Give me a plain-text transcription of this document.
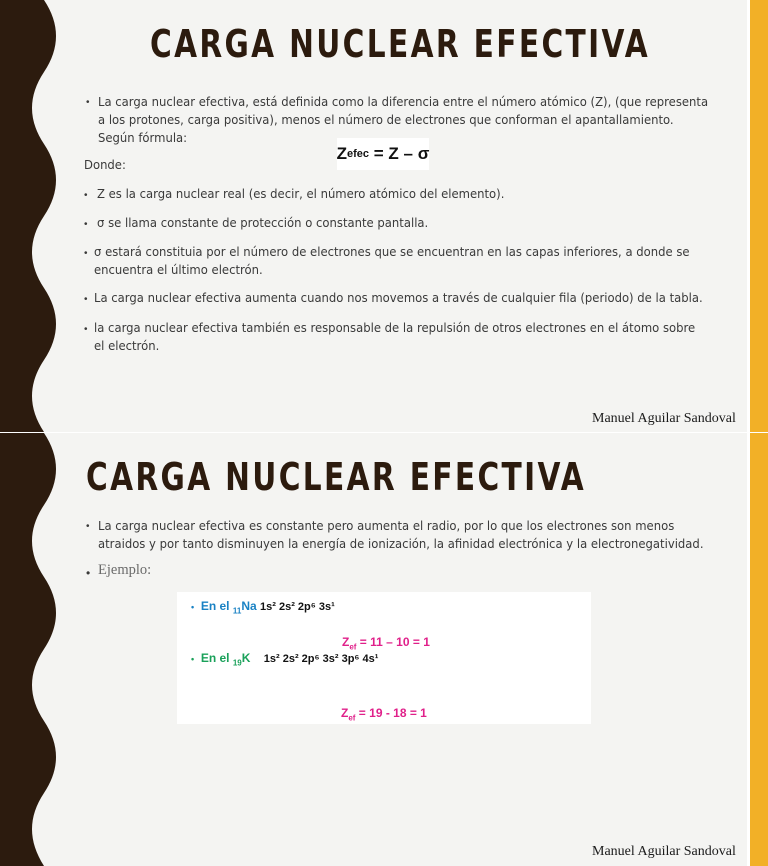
CARGA NUCLEAR EFECTIVA
• La carga nuclear efectiva, está definida como la diferencia entre el número atómico (Z), (que representa a los protones, carga positiva), menos el número de electrones que conforman el apantallamiento. Según fórmula:

Z efec = Z – σ

Donde:

• Z es la carga nuclear real (es decir, el número atómico del elemento).

• σ se llama constante de protección o constante pantalla.

• σ estará constituia por el número de electrones que se encuentran en las capas inferiores, a donde se encuentra el último electrón.

• La carga nuclear efectiva aumenta cuando nos movemos a través de cualquier fila (periodo) de la tabla.

• la carga nuclear efectiva también es responsable de la repulsión de otros electrones en el átomo sobre el electrón.

Manuel Aguilar Sandoval
CARGA NUCLEAR EFECTIVA
• La carga nuclear efectiva es constante pero aumenta el radio, por lo que los electrones son menos atraidos y por tanto disminuyen la energía de ionización, la afinidad electrónica y la electronegatividad.

• Ejemplo:
• En el $_{11}$Na 1s² 2s² 2p⁶ 3s¹
$Z_{ef} = 11 - 10 = 1$
• En el $_{19}$K 1s² 2s² 2p⁶ 3s² 3p⁶ 4s¹
$Z_{ef} = 19 - 18 = 1$
Manuel Aguilar Sandoval
